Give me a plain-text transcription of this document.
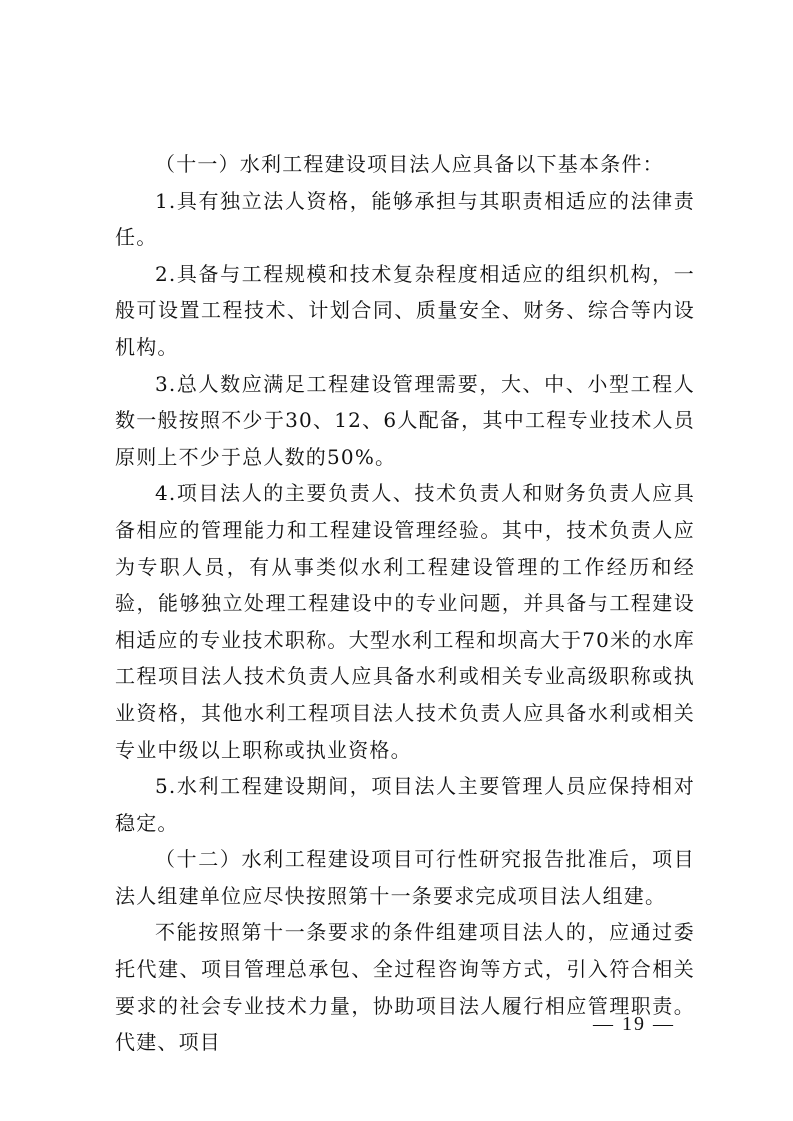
（十一）水利工程建设项目法人应具备以下基本条件：

1.具有独立法人资格，能够承担与其职责相适应的法律责任。

2.具备与工程规模和技术复杂程度相适应的组织机构，一般可设置工程技术、计划合同、质量安全、财务、综合等内设机构。

3.总人数应满足工程建设管理需要，大、中、小型工程人数一般按照不少于30、12、6人配备，其中工程专业技术人员原则上不少于总人数的50%。

4.项目法人的主要负责人、技术负责人和财务负责人应具备相应的管理能力和工程建设管理经验。其中，技术负责人应为专职人员，有从事类似水利工程建设管理的工作经历和经验，能够独立处理工程建设中的专业问题，并具备与工程建设相适应的专业技术职称。大型水利工程和坝高大于70米的水库工程项目法人技术负责人应具备水利或相关专业高级职称或执业资格，其他水利工程项目法人技术负责人应具备水利或相关专业中级以上职称或执业资格。

5.水利工程建设期间，项目法人主要管理人员应保持相对稳定。

（十二）水利工程建设项目可行性研究报告批准后，项目法人组建单位应尽快按照第十一条要求完成项目法人组建。

不能按照第十一条要求的条件组建项目法人的，应通过委托代建、项目管理总承包、全过程咨询等方式，引入符合相关要求的社会专业技术力量，协助项目法人履行相应管理职责。代建、项目

— 19 —
